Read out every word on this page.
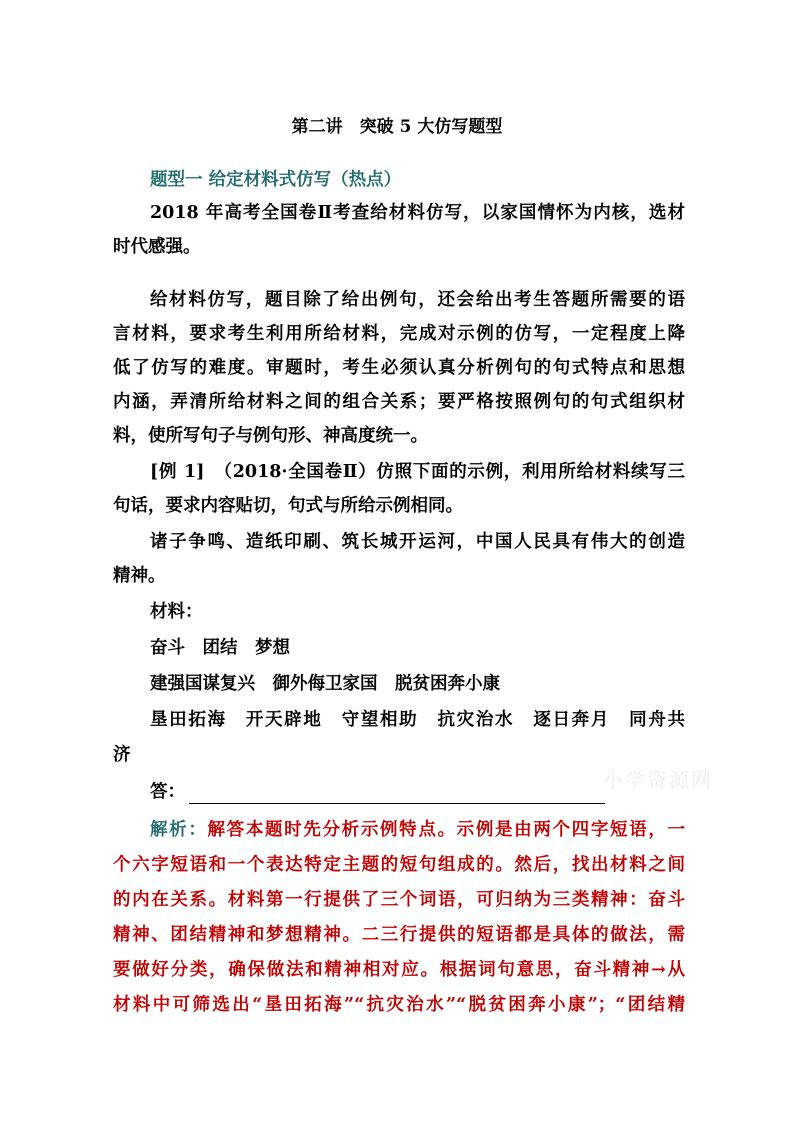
第二讲　突破 5 大仿写题型
题型一 给定材料式仿写（热点）
2018 年高考全国卷Ⅱ考查给材料仿写，以家国情怀为内核，选材
时代感强。
给材料仿写，题目除了给出例句，还会给出考生答题所需要的语
言材料，要求考生利用所给材料，完成对示例的仿写，一定程度上降
低了仿写的难度。审题时，考生必须认真分析例句的句式特点和思想
内涵，弄清所给材料之间的组合关系；要严格按照例句的句式组织材
料，使所写句子与例句形、神高度统一。
[例 1]　（2018·全国卷Ⅱ）仿照下面的示例，利用所给材料续写三
句话，要求内容贴切，句式与所给示例相同。
诸子争鸣、造纸印刷、筑长城开运河，中国人民具有伟大的创造
精神。
材料：
奋斗　团结　梦想
建强国谋复兴　御外侮卫家国　脱贫困奔小康
垦田拓海　开天辟地　守望相助　抗灾治水　逐日奔月　同舟共
济
小学资源网
答：
解析：解答本题时先分析示例特点。示例是由两个四字短语，一
个六字短语和一个表达特定主题的短句组成的。然后，找出材料之间
的内在关系。材料第一行提供了三个词语，可归纳为三类精神：奋斗
精神、团结精神和梦想精神。二三行提供的短语都是具体的做法，需
要做好分类，确保做法和精神相对应。根据词句意思，奋斗精神→从
材料中可筛选出“垦田拓海”“抗灾治水”“脱贫困奔小康”；“团结精
